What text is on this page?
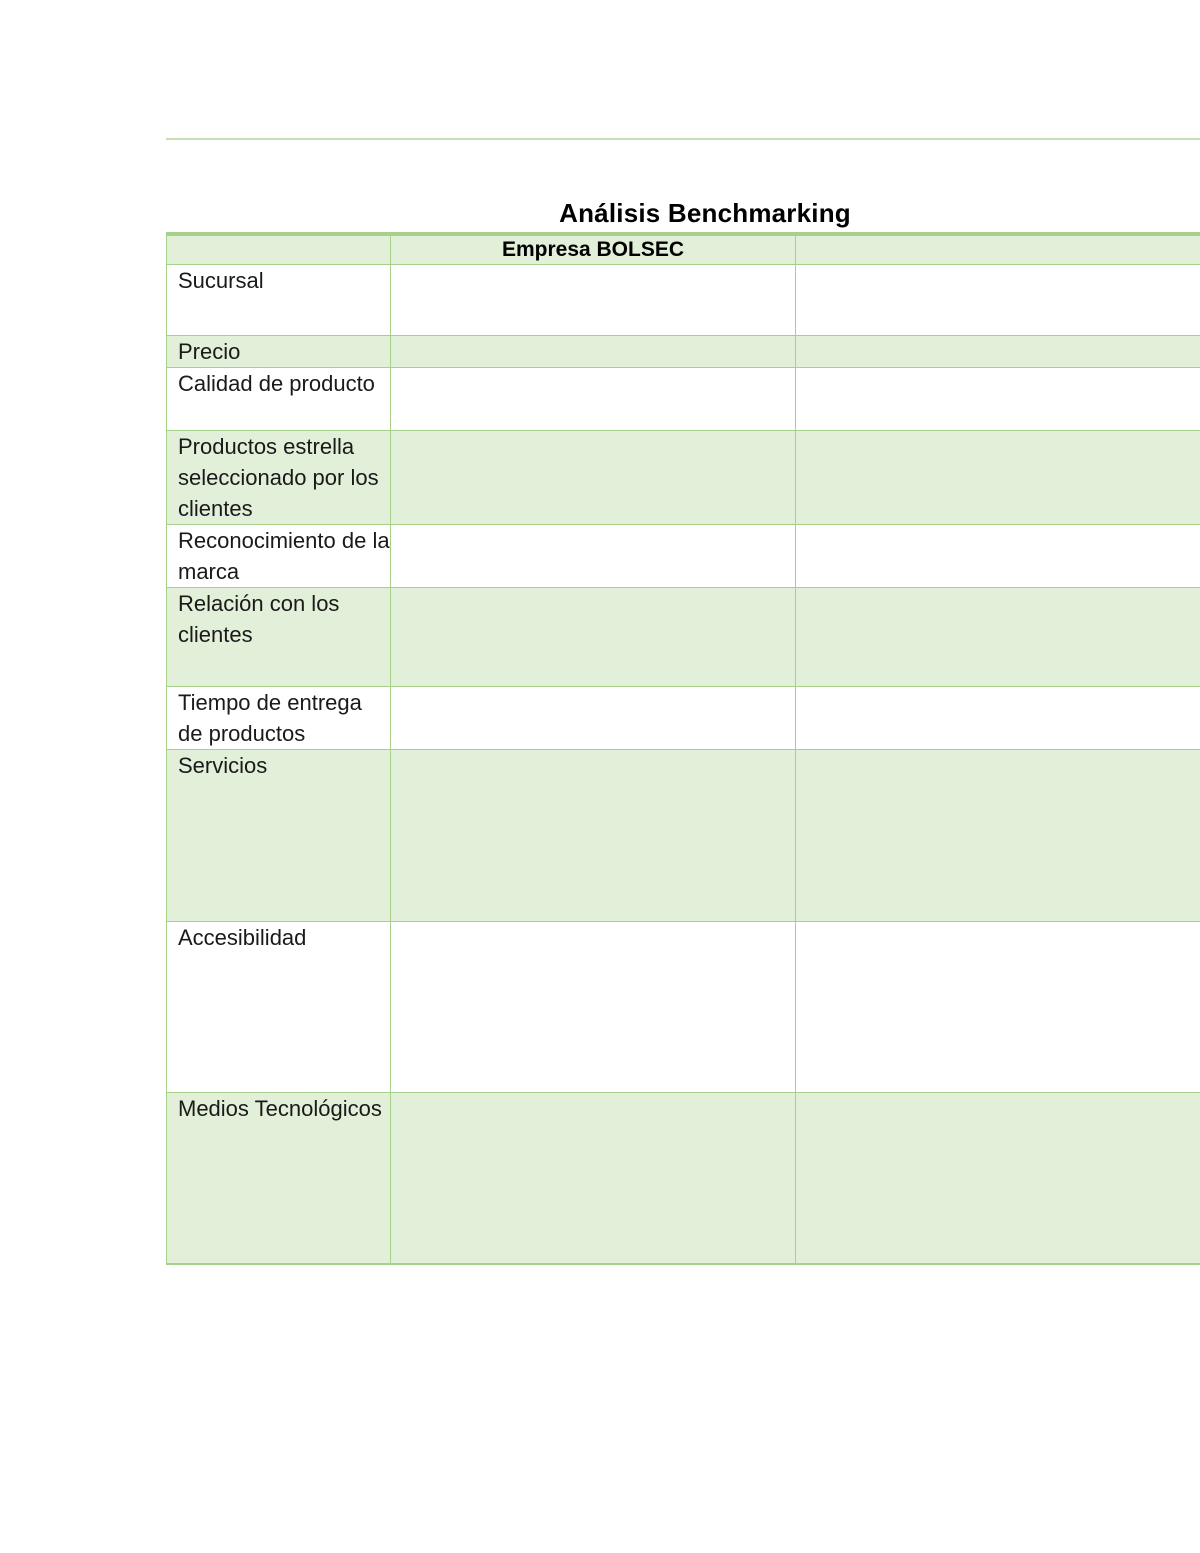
Análisis Benchmarking

	Empresa BOLSEC	

Sucursal		
Precio		
Calidad de producto		
Productos estrella seleccionado por los clientes		
Reconocimiento de la marca		
Relación con los clientes		
Tiempo de entrega de productos		
Servicios		
Accesibilidad		
Medios Tecnológicos		
